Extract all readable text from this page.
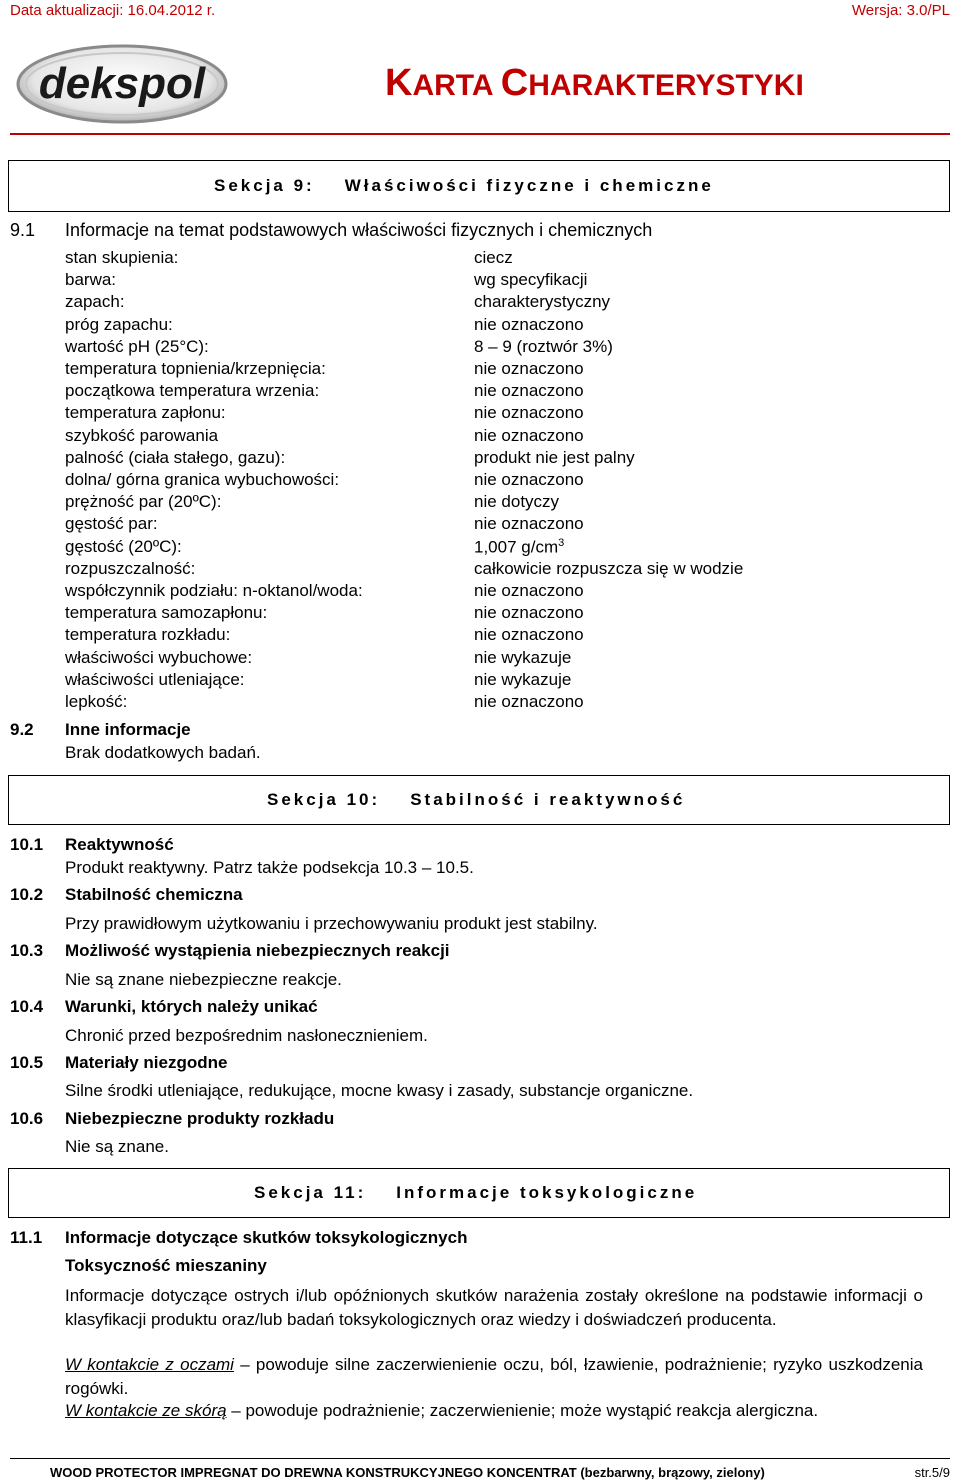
Data aktualizacji: 16.04.2012 r.	Wersja: 3.0/PL
dekspol	KARTA CHARAKTERYSTYKI
Sekcja 9: Właściwości fizyczne i chemiczne
9.1 Informacje na temat podstawowych właściwości fizycznych i chemicznych
stan skupienia:	ciecz
barwa:	wg specyfikacji
zapach:	charakterystyczny
próg zapachu:	nie oznaczono
wartość pH (25°C):	8 – 9 (roztwór 3%)
temperatura topnienia/krzepnięcia:	nie oznaczono
początkowa temperatura wrzenia:	nie oznaczono
temperatura zapłonu:	nie oznaczono
szybkość parowania	nie oznaczono
palność (ciała stałego, gazu):	produkt nie jest palny
dolna/ górna granica wybuchowości:	nie oznaczono
prężność par (20ºC):	nie dotyczy
gęstość par:	nie oznaczono
gęstość (20ºC):	1,007 $g/cm^3$
rozpuszczalność:	całkowicie rozpuszcza się w wodzie
współczynnik podziału: n-oktanol/woda:	nie oznaczono
temperatura samozapłonu:	nie oznaczono
temperatura rozkładu:	nie oznaczono
właściwości wybuchowe:	nie wykazuje
właściwości utleniające:	nie wykazuje
lepkość:	nie oznaczono
9.2 Inne informacje
Brak dodatkowych badań.
Sekcja 10: Stabilność i reaktywność
10.1 Reaktywność
Produkt reaktywny. Patrz także podsekcja 10.3 – 10.5.
10.2 Stabilność chemiczna
Przy prawidłowym użytkowaniu i przechowywaniu produkt jest stabilny.
10.3 Możliwość wystąpienia niebezpiecznych reakcji
Nie są znane niebezpieczne reakcje.
10.4 Warunki, których należy unikać
Chronić przed bezpośrednim nasłonecznieniem.
10.5 Materiały niezgodne
Silne środki utleniające, redukujące, mocne kwasy i zasady, substancje organiczne.
10.6 Niebezpieczne produkty rozkładu
Nie są znane.
Sekcja 11: Informacje toksykologiczne
11.1 Informacje dotyczące skutków toksykologicznych
Toksyczność mieszaniny
Informacje dotyczące ostrych i/lub opóźnionych skutków narażenia zostały określone na podstawie informacji o klasyfikacji produktu oraz/lub badań toksykologicznych oraz wiedzy i doświadczeń producenta.
W kontakcie z oczami – powoduje silne zaczerwienienie oczu, ból, łzawienie, podrażnienie; ryzyko uszkodzenia rogówki.
W kontakcie ze skórą – powoduje podrażnienie; zaczerwienienie; może wystąpić reakcja alergiczna.
WOOD PROTECTOR IMPREGNAT DO DREWNA KONSTRUKCYJNEGO KONCENTRAT (bezbarwny, brązowy, zielony)	str.5/9
